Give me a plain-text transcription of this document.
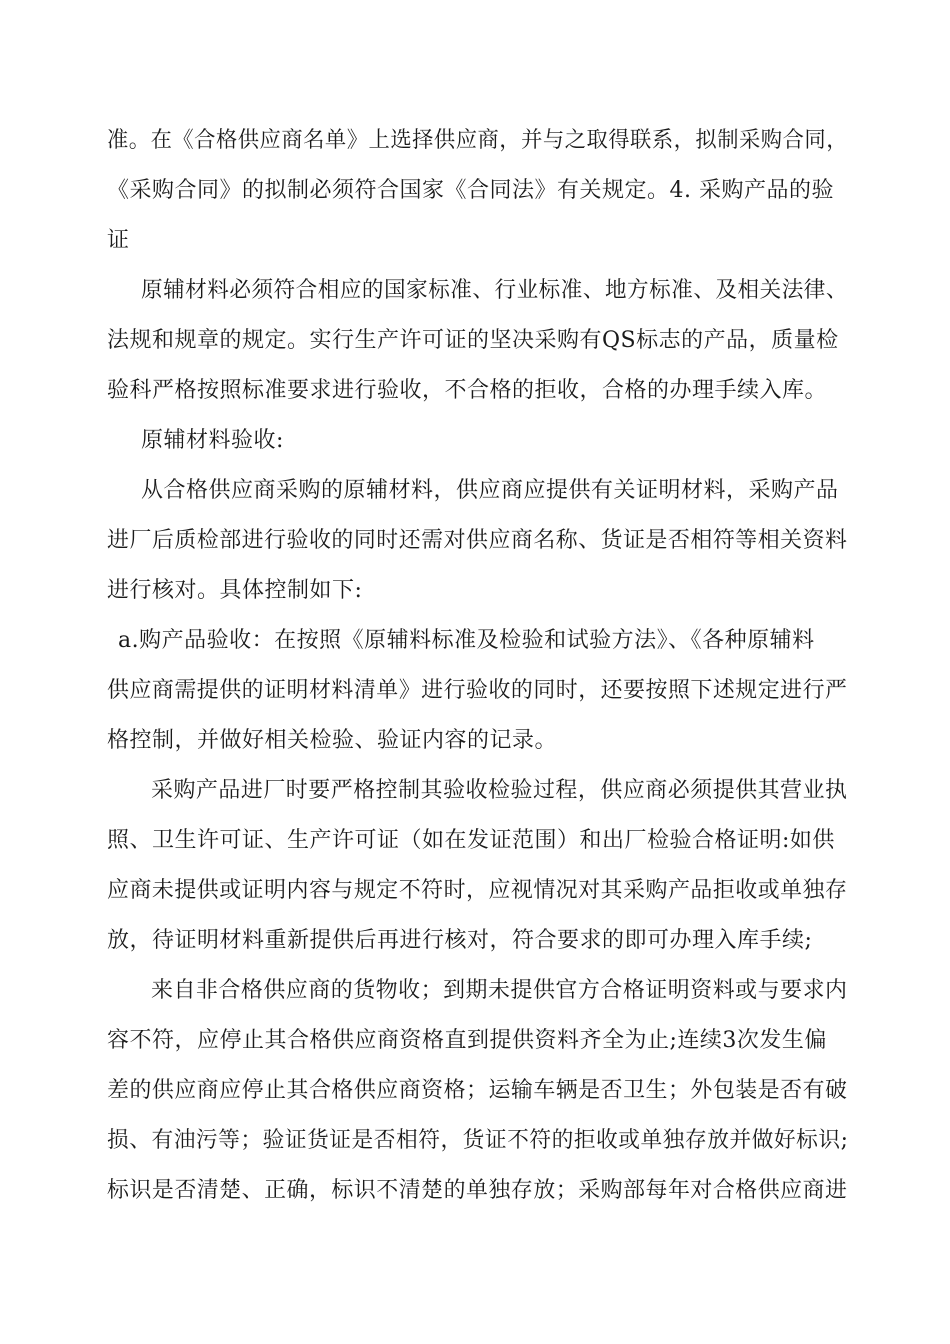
准。在《合格供应商名单》上选择供应商，并与之取得联系，拟制采购合同，
《采购合同》的拟制必须符合国家《合同法》有关规定。4. 采购产品的验
证
原辅材料必须符合相应的国家标准、行业标准、地方标准、及相关法律、
法规和规章的规定。实行生产许可证的坚决采购有QS标志的产品，质量检
验科严格按照标准要求进行验收，不合格的拒收，合格的办理手续入库。
原辅材料验收:
从合格供应商采购的原辅材料，供应商应提供有关证明材料，采购产品
进厂后质检部进行验收的同时还需对供应商名称、货证是否相符等相关资料
进行核对。具体控制如下:
a.购产品验收：在按照《原辅料标准及检验和试验方法》、《各种原辅料
供应商需提供的证明材料清单》进行验收的同时，还要按照下述规定进行严
格控制，并做好相关检验、验证内容的记录。
采购产品进厂时要严格控制其验收检验过程，供应商必须提供其营业执
照、卫生许可证、生产许可证（如在发证范围）和出厂检验合格证明:如供
应商未提供或证明内容与规定不符时，应视情况对其采购产品拒收或单独存
放，待证明材料重新提供后再进行核对，符合要求的即可办理入库手续;
来自非合格供应商的货物收；到期未提供官方合格证明资料或与要求内
容不符，应停止其合格供应商资格直到提供资料齐全为止;连续3次发生偏
差的供应商应停止其合格供应商资格；运输车辆是否卫生；外包装是否有破
损、有油污等；验证货证是否相符，货证不符的拒收或单独存放并做好标识;
标识是否清楚、正确，标识不清楚的单独存放；采购部每年对合格供应商进
